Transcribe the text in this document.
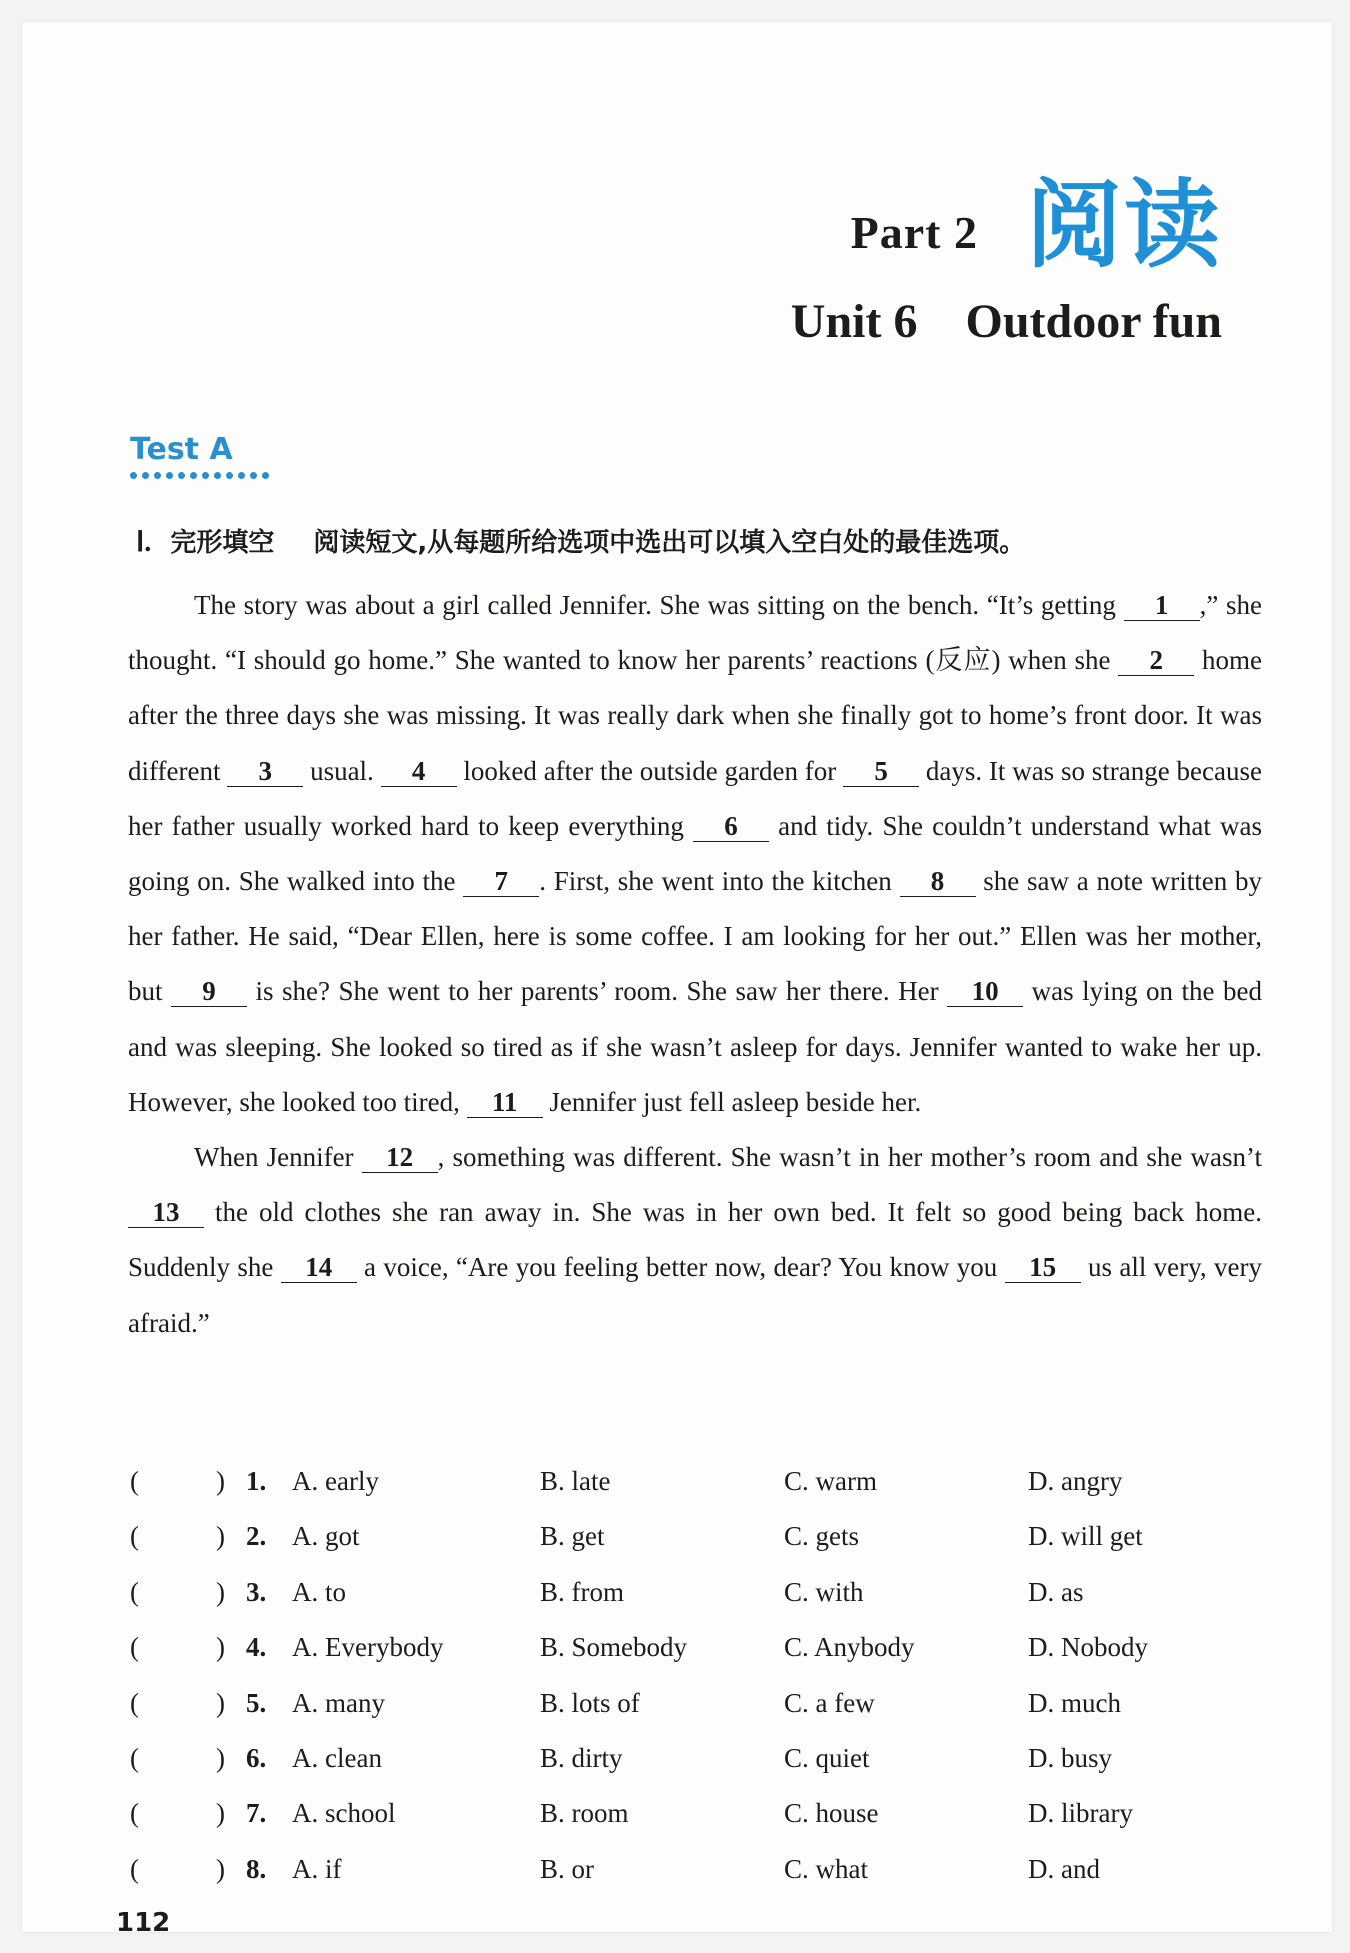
Part 2 阅读
Unit 6    Outdoor fun
Test A
Ⅰ. 完形填空 阅读短文,从每题所给选项中选出可以填入空白处的最佳选项。

The story was about a girl called Jennifer. She was sitting on the bench. “It’s getting 1 ,” she thought. “I should go home.” She wanted to know her parents’ reactions (反应) when she 2 home after the three days she was missing. It was really dark when she finally got to home’s front door. It was different 3 usual. 4 looked after the outside garden for 5 days. It was so strange because her father usually worked hard to keep everything 6 and tidy. She couldn’t understand what was going on. She walked into the 7 . First, she went into the kitchen 8 she saw a note written by her father. He said, “Dear Ellen, here is some coffee. I am looking for her out.” Ellen was her mother, but 9 is she? She went to her parents’ room. She saw her there. Her 10 was lying on the bed and was sleeping. She looked so tired as if she wasn’t asleep for days. Jennifer wanted to wake her up. However, she looked too tired, 11 Jennifer just fell asleep beside her.

When Jennifer 12 , something was different. She wasn’t in her mother’s room and she wasn’t 13 the old clothes she ran away in. She was in her own bed. It felt so good being back home. Suddenly she 14 a voice, “Are you feeling better now, dear? You know you 15 us all very, very afraid.”

(	) 1. A. early	B. late	C. warm	D. angry
(	) 2. A. got	B. get	C. gets	D. will get
(	) 3. A. to	B. from	C. with	D. as
(	) 4. A. Everybody	B. Somebody	C. Anybody	D. Nobody
(	) 5. A. many	B. lots of	C. a few	D. much
(	) 6. A. clean	B. dirty	C. quiet	D. busy
(	) 7. A. school	B. room	C. house	D. library
(	) 8. A. if	B. or	C. what	D. and
112
